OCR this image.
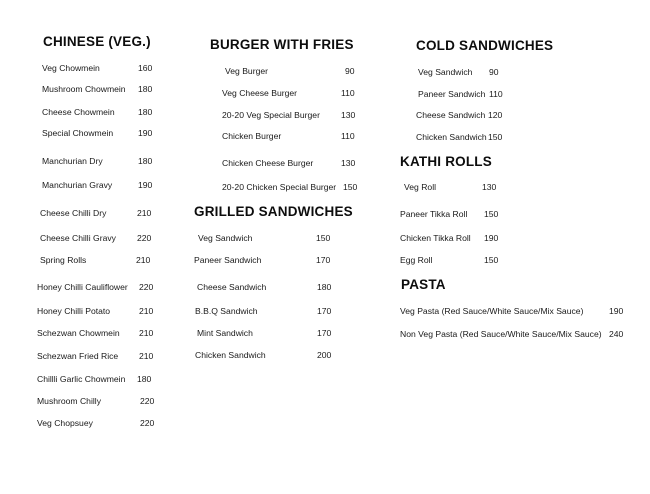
CHINESE (VEG.)
Veg Chowmein	160
Mushroom Chowmein 180
Cheese Chowmein	180
Special Chowmein	190
Manchurian Dry	180
Manchurian Gravy	190
Cheese Chilli Dry	210
Cheese Chilli Gravy 220
Spring Rolls	210
Honey Chilli Cauliflower 220
Honey Chilli Potato	210
Schezwan Chowmein 210
Schezwan Fried Rice 210
Chillli Garlic Chowmein 180
Mushroom Chilly	220
Veg Chopsuey	220
BURGER WITH FRIES
Veg Burger	90
Veg Cheese Burger	110
20-20 Veg Special Burger 130
Chicken Burger	110
Chicken Cheese Burger	130
20-20 Chicken Special Burger 150
GRILLED SANDWICHES
Veg Sandwich	150
Paneer Sandwich	170
Cheese Sandwich	180
B.B.Q Sandwich	170
Mint Sandwich	170
Chicken Sandwich	200
COLD SANDWICHES
Veg Sandwich 90
Paneer Sandwich 110
Cheese Sandwich 120
Chicken Sandwich 150
KATHI ROLLS
Veg Roll	130
Paneer Tikka Roll 150
Chicken Tikka Roll 190
Egg Roll	150
PASTA
Veg Pasta (Red Sauce/White Sauce/Mix Sauce)	190
Non Veg Pasta (Red Sauce/White Sauce/Mix Sauce) 240
